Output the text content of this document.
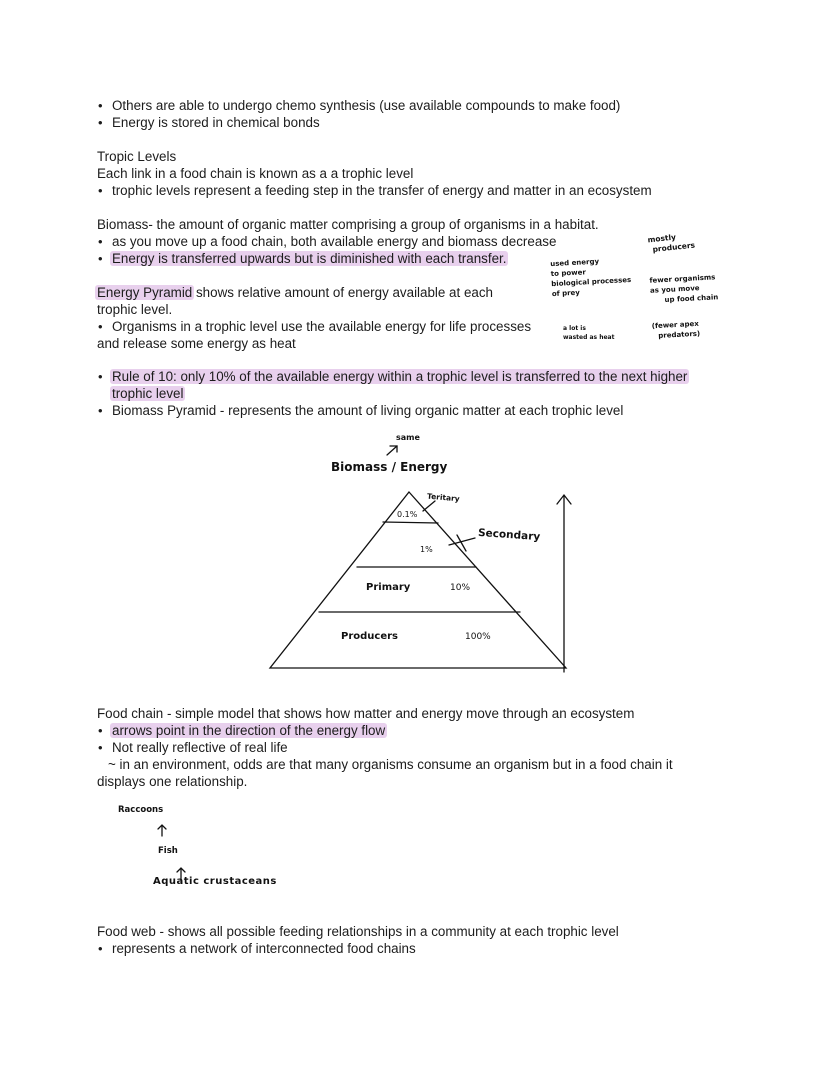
• Others are able to undergo chemo synthesis (use available compounds to make food)
• Energy is stored in chemical bonds
Tropic Levels
Each link in a food chain is known as a a trophic level
• trophic levels represent a feeding step in the transfer of energy and matter in an ecosystem
Biomass- the amount of organic matter comprising a group of organisms in a habitat.
• as you move up a food chain, both available energy and biomass decrease
• Energy is transferred upwards but is diminished with each transfer.
Energy Pyramid shows relative amount of energy available at each
trophic level.
• Organisms in a trophic level use the available energy for life processes
and release some energy as heat
used energy
to power
biological processes
of prey
a lot is
wasted as heat
mostly
producers
fewer organisms
as you move
up food chain
(fewer apex
predators)
• Rule of 10: only 10% of the available energy within a trophic level is transferred to the next higher
trophic level
• Biomass Pyramid - represents the amount of living organic matter at each trophic level
same
Biomass / Energy
Teritary
0.1%
Secondary
1%
Primary	10%
Producers	100%
Food chain - simple model that shows how matter and energy move through an ecosystem
• arrows point in the direction of the energy flow
• Not really reflective of real life
~ in an environment, odds are that many organisms consume an organism but in a food chain it
displays one relationship.
Raccoons
Fish
Aquatic crustaceans
Food web - shows all possible feeding relationships in a community at each trophic level
• represents a network of interconnected food chains
